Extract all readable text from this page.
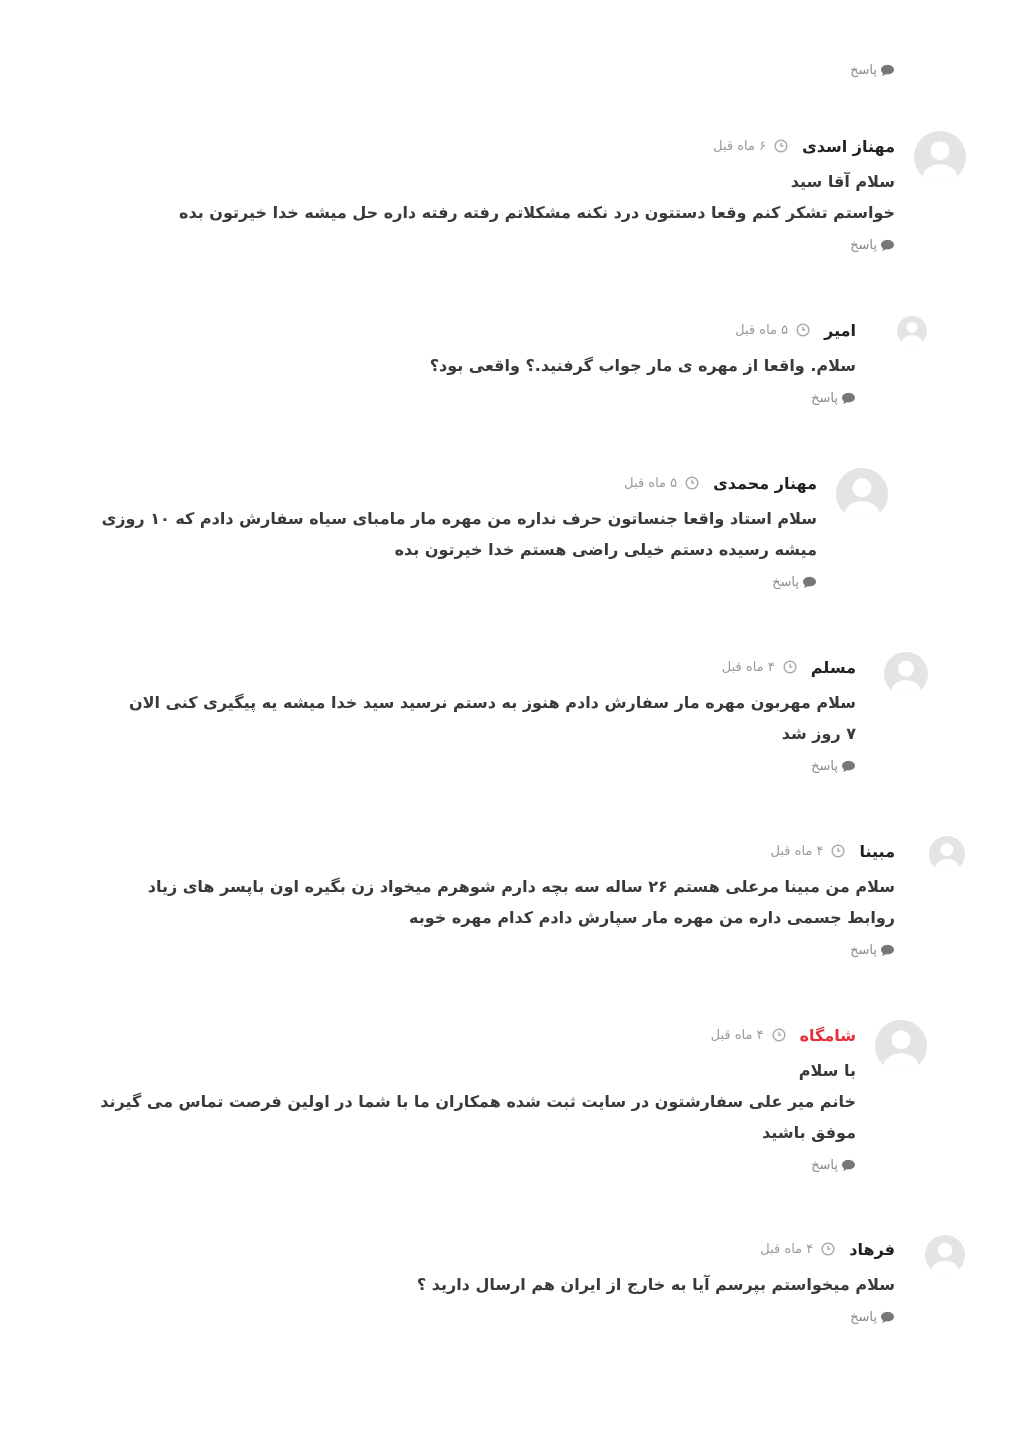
پاسخ
مهناز اسدی
۶ ماه قبل

سلام آقا سید

خواستم تشکر کنم وقعا دستتون درد نکنه مشکلاتم رفته رفته داره حل میشه خدا خیرتون بده

پاسخ
امیر
۵ ماه قبل

سلام. واقعا از مهره ی مار جواب گرفنید.؟ واقعی بود؟

پاسخ
مهنار محمدی
۵ ماه قبل

سلام استاد واقعا جنساتون حرف نداره من مهره مار مامبای سیاه سفارش دادم که ۱۰ روزی

میشه رسیده دستم خیلی راضی هستم خدا خیرتون بده

پاسخ
مسلم
۴ ماه قبل

سلام مهربون مهره مار سفارش دادم هنوز به دستم نرسید سید خدا میشه یه پیگیری کنی الان

۷ روز شد

پاسخ
مبینا
۴ ماه قبل

سلام من مبینا مرعلی هستم ۲۶ ساله سه بچه دارم شوهرم میخواد زن بگیره اون باپسر های زیاد

روابط جسمی داره من مهره مار سپارش دادم کدام مهره خوبه

پاسخ
شامگاه
۴ ماه قبل

با سلام

خانم میر علی سفارشتون در سایت ثبت شده همکاران ما با شما در اولین فرصت تماس می گیرند

موفق باشید

پاسخ
فرهاد
۴ ماه قبل

سلام میخواستم بپرسم آیا به خارج از ایران هم ارسال دارید ؟

پاسخ
